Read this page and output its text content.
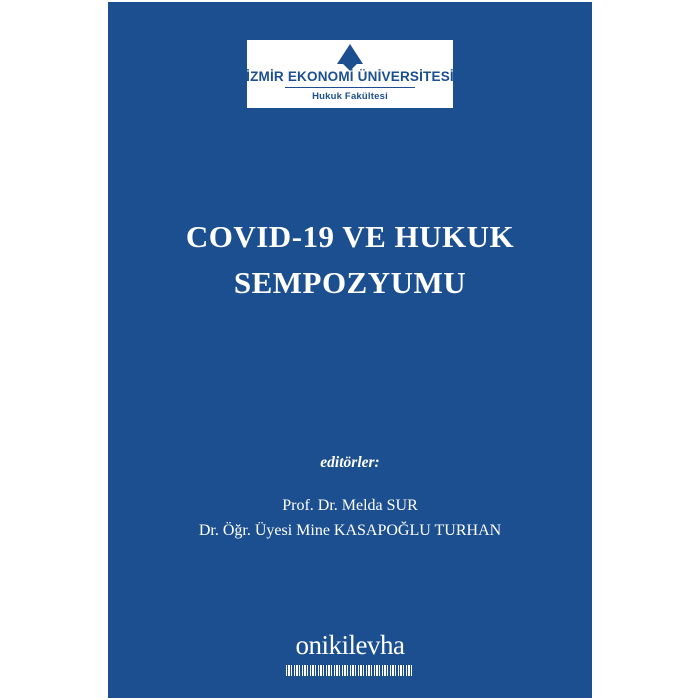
İZMİR EKONOMİ ÜNİVERSİTESİ
Hukuk Fakültesi
COVID-19 VE HUKUK
SEMPOZYUMU
editörler:
Prof. Dr. Melda SUR
Dr. Öğr. Üyesi Mine KASAPOĞLU TURHAN
onikilevha
